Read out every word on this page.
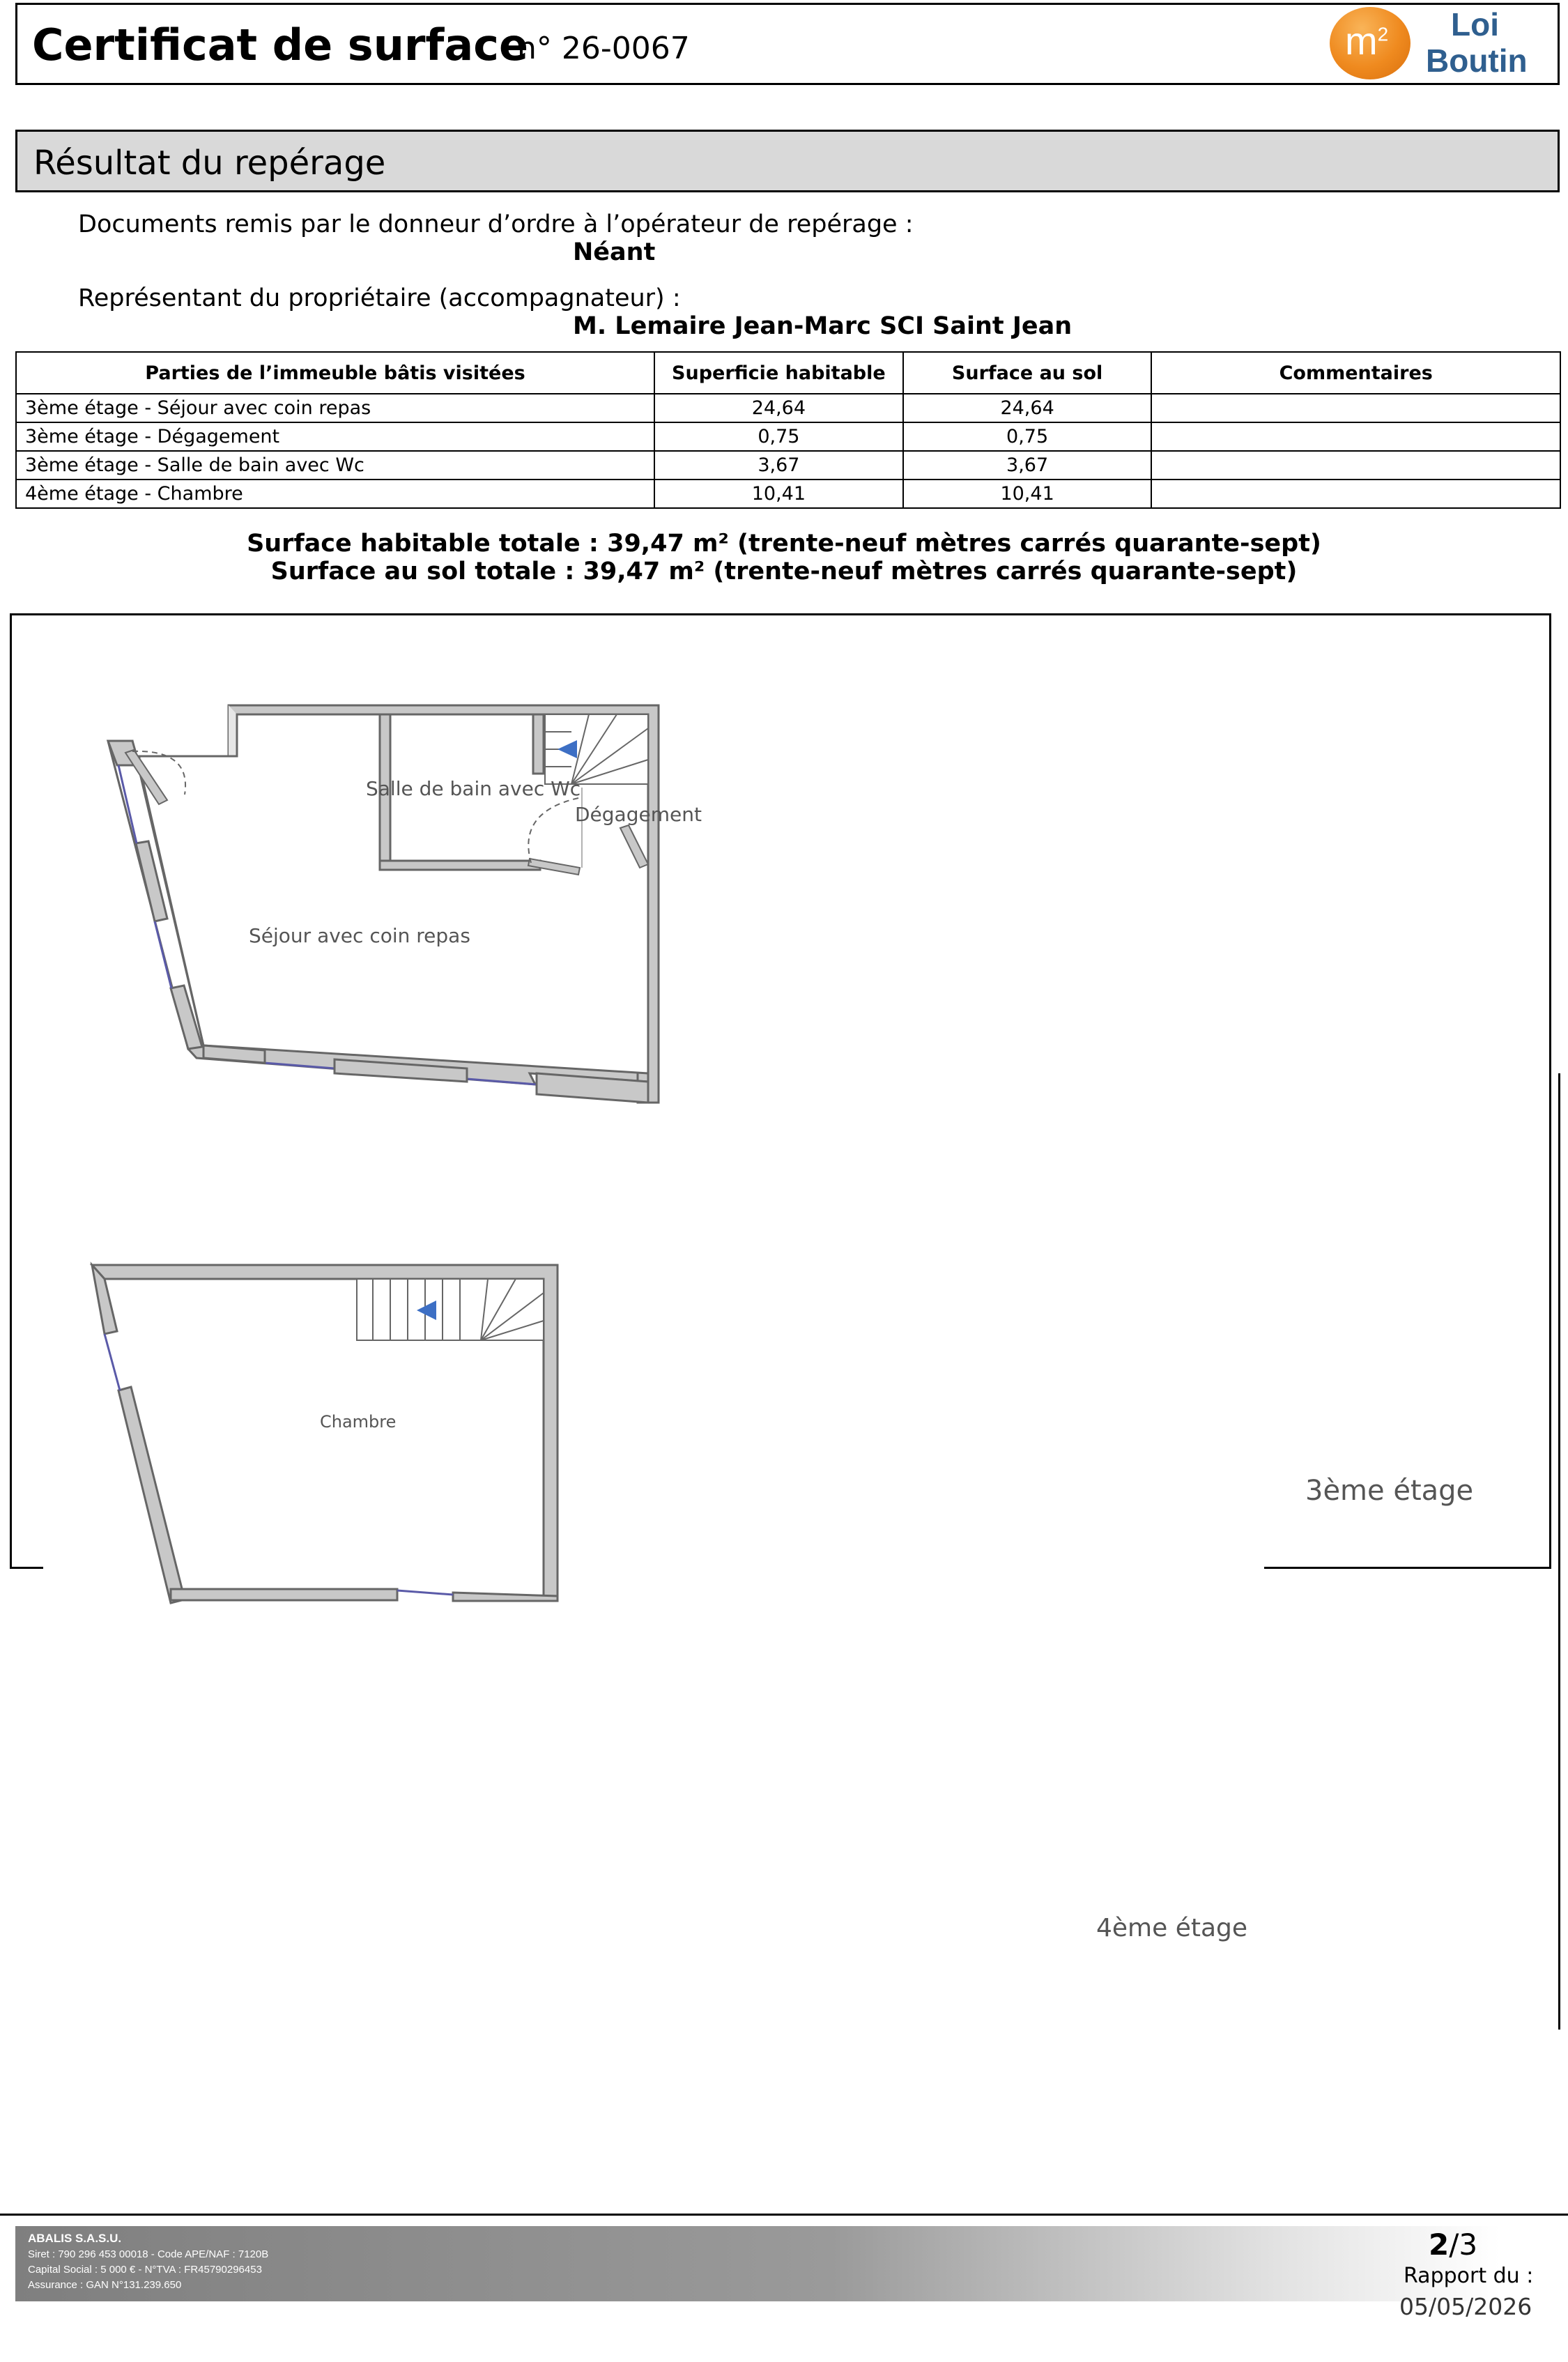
Certificat de surface
n° 26-0067	$m^2$ Loi
Boutin
Résultat du repérage
Documents remis par le donneur d’ordre à l’opérateur de repérage :
Néant
Représentant du propriétaire (accompagnateur) :
M. Lemaire Jean-Marc SCI Saint Jean
Parties de l’immeuble bâtis visitées	Superficie habitable	Surface au sol	Commentaires
3ème étage - Séjour avec coin repas	24,64	24,64	
3ème étage - Dégagement	0,75	0,75	
3ème étage - Salle de bain avec Wc	3,67	3,67	
4ème étage - Chambre	10,41	10,41	
Surface habitable totale : 39,47 m² (trente-neuf mètres carrés quarante-sept)
Surface au sol totale : 39,47 m² (trente-neuf mètres carrés quarante-sept)
Salle de bain avec Wc
Dégagement
Séjour avec coin repas
3ème étage
Chambre
4ème étage
ABALIS S.A.S.U.
Siret : 790 296 453 00018 - Code APE/NAF : 7120B
Capital Social : 5 000 € - N°TVA : FR45790296453
Assurance : GAN N°131.239.650
2/3
Rapport du :
05/05/2026
